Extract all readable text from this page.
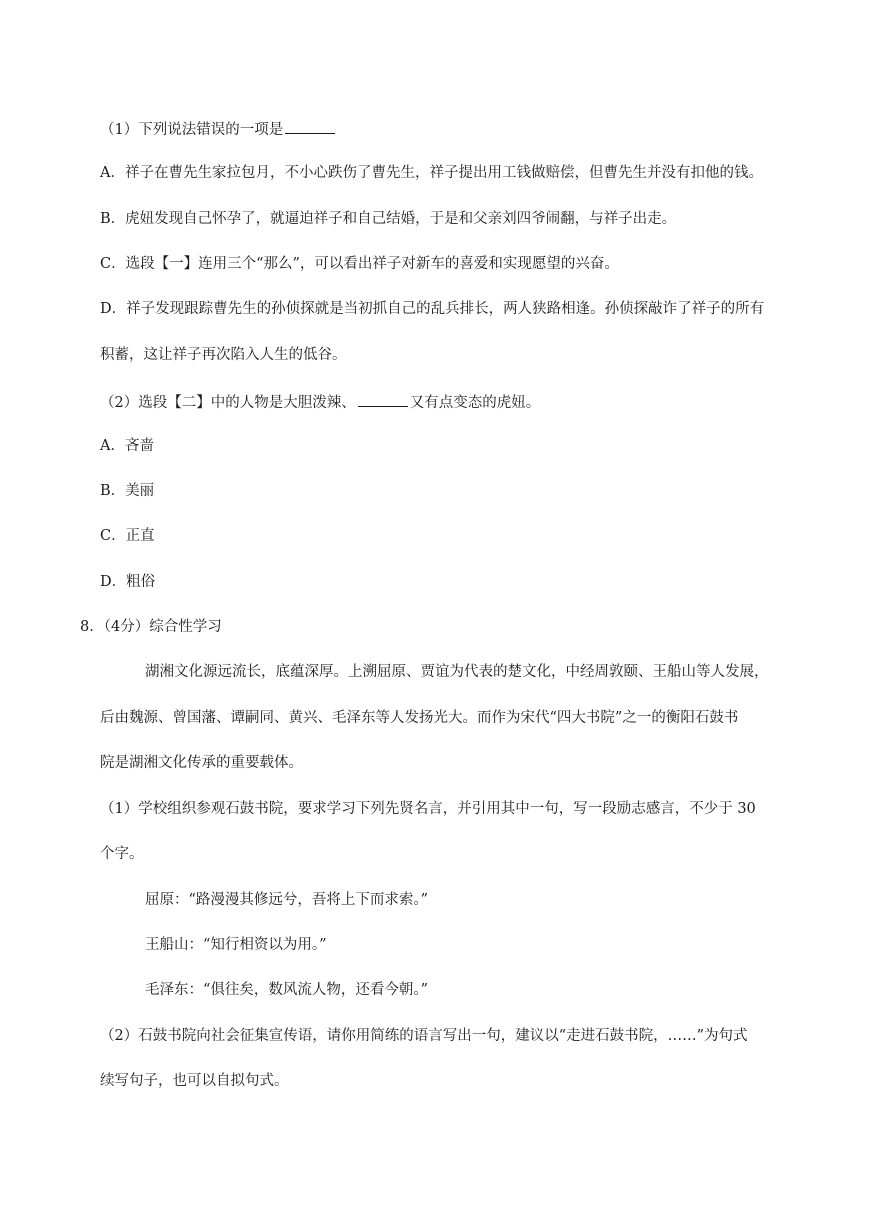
（1）下列说法错误的一项是
A．祥子在曹先生家拉包月，不小心跌伤了曹先生，祥子提出用工钱做赔偿，但曹先生并没有扣他的钱。
B．虎妞发现自己怀孕了，就逼迫祥子和自己结婚，于是和父亲刘四爷闹翻，与祥子出走。
C．选段【一】连用三个“那么”，可以看出祥子对新车的喜爱和实现愿望的兴奋。
D．祥子发现跟踪曹先生的孙侦探就是当初抓自己的乱兵排长，两人狭路相逢。孙侦探敲诈了祥子的所有
积蓄，这让祥子再次陷入人生的低谷。
（2）选段【二】中的人物是大胆泼辣、	又有点变态的虎妞。
A．吝啬
B．美丽
C．正直
D．粗俗
8．（4分）综合性学习
湖湘文化源远流长，底蕴深厚。上溯屈原、贾谊为代表的楚文化，中经周敦颐、王船山等人发展，
后由魏源、曾国藩、谭嗣同、黄兴、毛泽东等人发扬光大。而作为宋代“四大书院”之一的衡阳石鼓书
院是湖湘文化传承的重要载体。
（1）学校组织参观石鼓书院，要求学习下列先贤名言，并引用其中一句，写一段励志感言，不少于 30
个字。
屈原：“路漫漫其修远兮，吾将上下而求索。”
王船山：“知行相资以为用。”
毛泽东：“俱往矣，数风流人物，还看今朝。”
（2）石鼓书院向社会征集宣传语，请你用简练的语言写出一句，建议以“走进石鼓书院，……”为句式
续写句子，也可以自拟句式。
